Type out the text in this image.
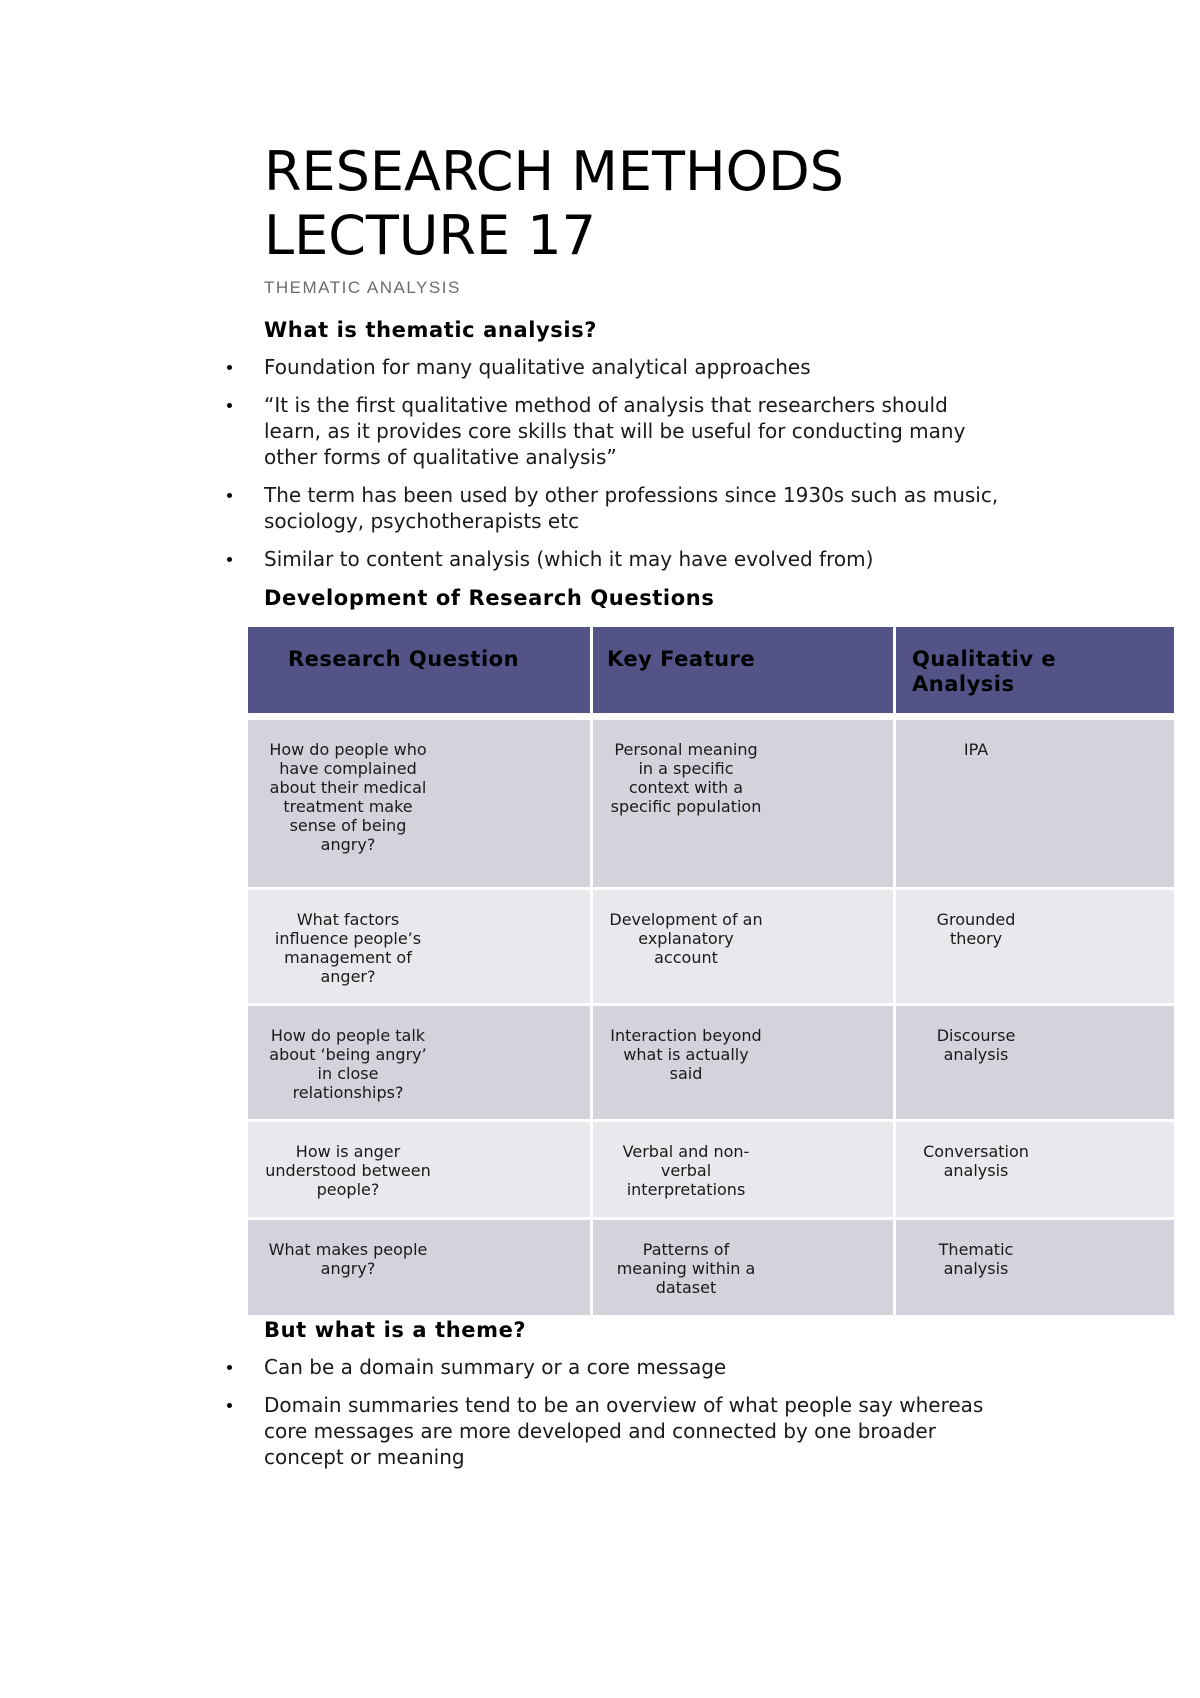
RESEARCH METHODS LECTURE 17
THEMATIC ANALYSIS
What is thematic analysis?
Foundation for many qualitative analytical approaches
“It is the first qualitative method of analysis that researchers should learn, as it provides core skills that will be useful for conducting many other forms of qualitative analysis”
The term has been used by other professions since 1930s such as music, sociology, psychotherapists etc
Similar to content analysis (which it may have evolved from)
Development of Research Questions
Research Question	Key Feature	Qualitativ e Analysis

How do people who have complained about their medical treatment make sense of being angry?	Personal meaning in a specific context with a specific population	IPA

What factors influence people’s management of anger?	Development of an explanatory account	Grounded theory

How do people talk about ‘being angry’ in close relationships?	Interaction beyond what is actually said	Discourse analysis

How is anger understood between people?	Verbal and non-verbal interpretations	Conversation analysis

What makes people angry?	Patterns of meaning within a dataset	Thematic analysis
But what is a theme?
Can be a domain summary or a core message
Domain summaries tend to be an overview of what people say whereas core messages are more developed and connected by one broader concept or meaning
